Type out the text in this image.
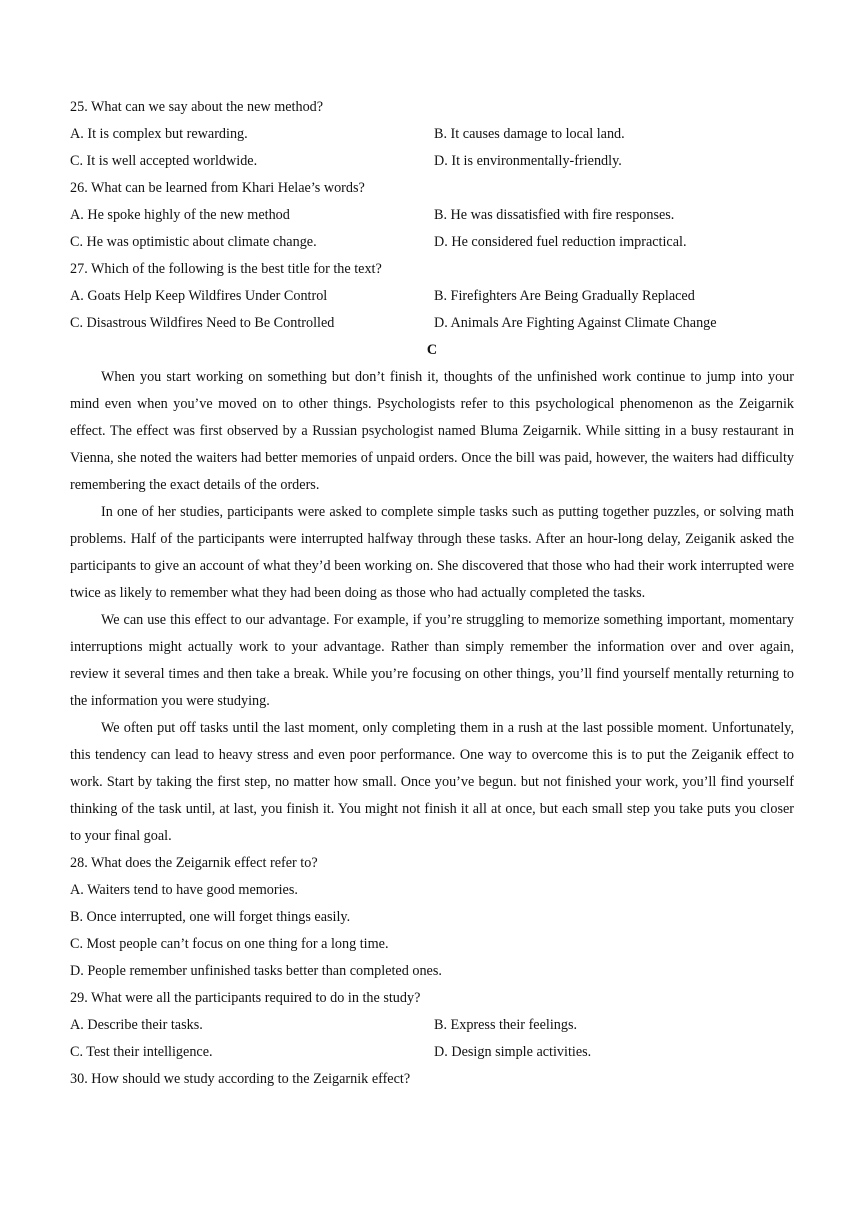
25. What can we say about the new method?
A. It is complex but rewarding.	B. It causes damage to local land.
C. It is well accepted worldwide.	D. It is environmentally-friendly.
26. What can be learned from Khari Helae’s words?
A. He spoke highly of the new method	B. He was dissatisfied with fire responses.
C. He was optimistic about climate change.	D. He considered fuel reduction impractical.
27. Which of the following is the best title for the text?
A. Goats Help Keep Wildfires Under Control	B. Firefighters Are Being Gradually Replaced
C. Disastrous Wildfires Need to Be Controlled	D. Animals Are Fighting Against Climate Change
C

When you start working on something but don’t finish it, thoughts of the unfinished work continue to jump into your mind even when you’ve moved on to other things. Psychologists refer to this psychological phenomenon as the Zeigarnik effect. The effect was first observed by a Russian psychologist named Bluma Zeigarnik. While sitting in a busy restaurant in Vienna, she noted the waiters had better memories of unpaid orders. Once the bill was paid, however, the waiters had difficulty remembering the exact details of the orders.

In one of her studies, participants were asked to complete simple tasks such as putting together puzzles, or solving math problems. Half of the participants were interrupted halfway through these tasks. After an hour-long delay, Zeiganik asked the participants to give an account of what they’d been working on. She discovered that those who had their work interrupted were twice as likely to remember what they had been doing as those who had actually completed the tasks.

We can use this effect to our advantage. For example, if you’re struggling to memorize something important, momentary interruptions might actually work to your advantage. Rather than simply remember the information over and over again, review it several times and then take a break. While you’re focusing on other things, you’ll find yourself mentally returning to the information you were studying.

We often put off tasks until the last moment, only completing them in a rush at the last possible moment. Unfortunately, this tendency can lead to heavy stress and even poor performance. One way to overcome this is to put the Zeiganik effect to work. Start by taking the first step, no matter how small. Once you’ve begun. but not finished your work, you’ll find yourself thinking of the task until, at last, you finish it. You might not finish it all at once, but each small step you take puts you closer to your final goal.

28. What does the Zeigarnik effect refer to?
A. Waiters tend to have good memories.
B. Once interrupted, one will forget things easily.
C. Most people can’t focus on one thing for a long time.
D. People remember unfinished tasks better than completed ones.
29. What were all the participants required to do in the study?
A. Describe their tasks.	B. Express their feelings.
C. Test their intelligence.	D. Design simple activities.
30. How should we study according to the Zeigarnik effect?
